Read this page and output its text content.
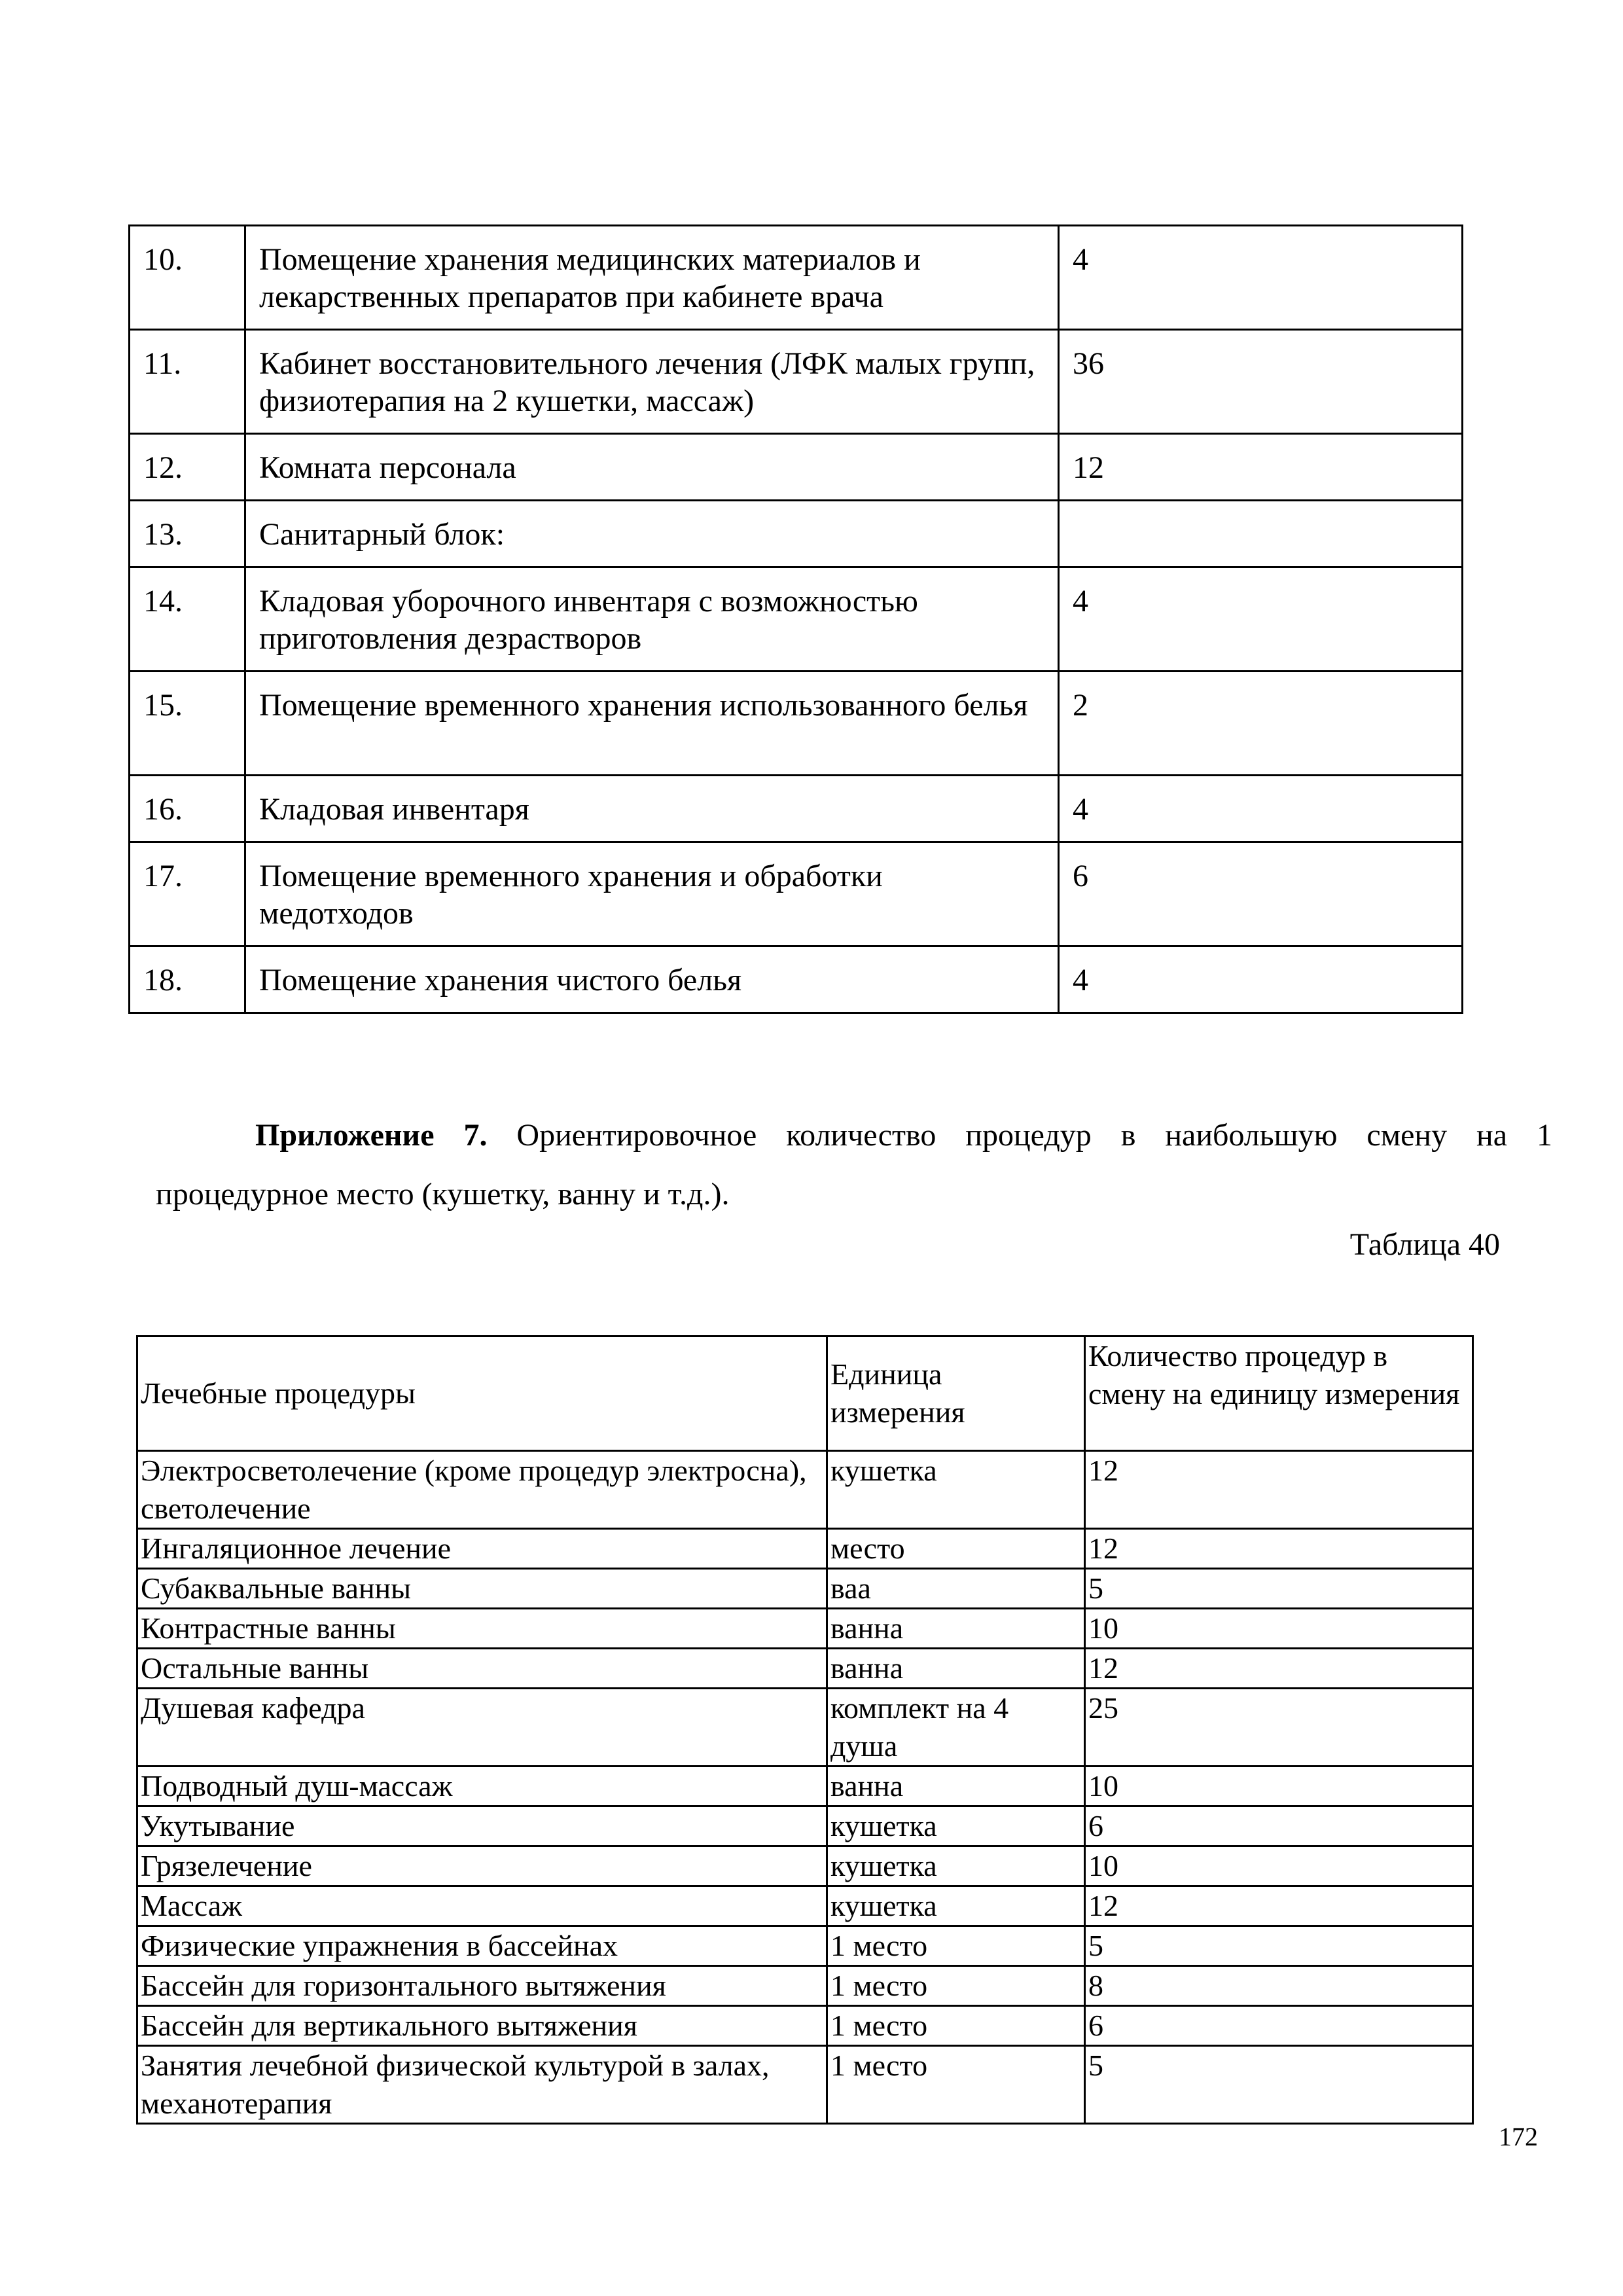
10.	Помещение хранения медицинских материалов и лекарственных препаратов при кабинете врача	4
11.	Кабинет восстановительного лечения (ЛФК малых групп, физиотерапия на 2 кушетки, массаж)	36
12.	Комната персонала	12
13.	Санитарный блок:	
14.	Кладовая уборочного инвентаря с возможностью приготовления дезрастворов	4
15.	Помещение временного хранения использованного белья	2
16.	Кладовая инвентаря	4
17.	Помещение временного хранения и обработки медотходов	6
18.	Помещение хранения чистого белья	4
Приложение 7. Ориентировочное количество процедур в наибольшую смену на 1
процедурное место (кушетку, ванну и т.д.).
Таблица 40
Лечебные процедуры	Единица измерения	Количество процедур в смену на единицу измерения
Электросветолечение (кроме процедур электросна), светолечение	кушетка	12
Ингаляционное лечение	место	12
Субаквальные ванны	ваа	5
Контрастные ванны	ванна	10
Остальные ванны	ванна	12
Душевая кафедра	комплект на 4 душа	25
Подводный душ-массаж	ванна	10
Укутывание	кушетка	6
Грязелечение	кушетка	10
Массаж	кушетка	12
Физические упражнения в бассейнах	1 место	5
Бассейн для горизонтального вытяжения	1 место	8
Бассейн для вертикального вытяжения	1 место	6
Занятия лечебной физической культурой в залах, механотерапия	1 место	5
172
